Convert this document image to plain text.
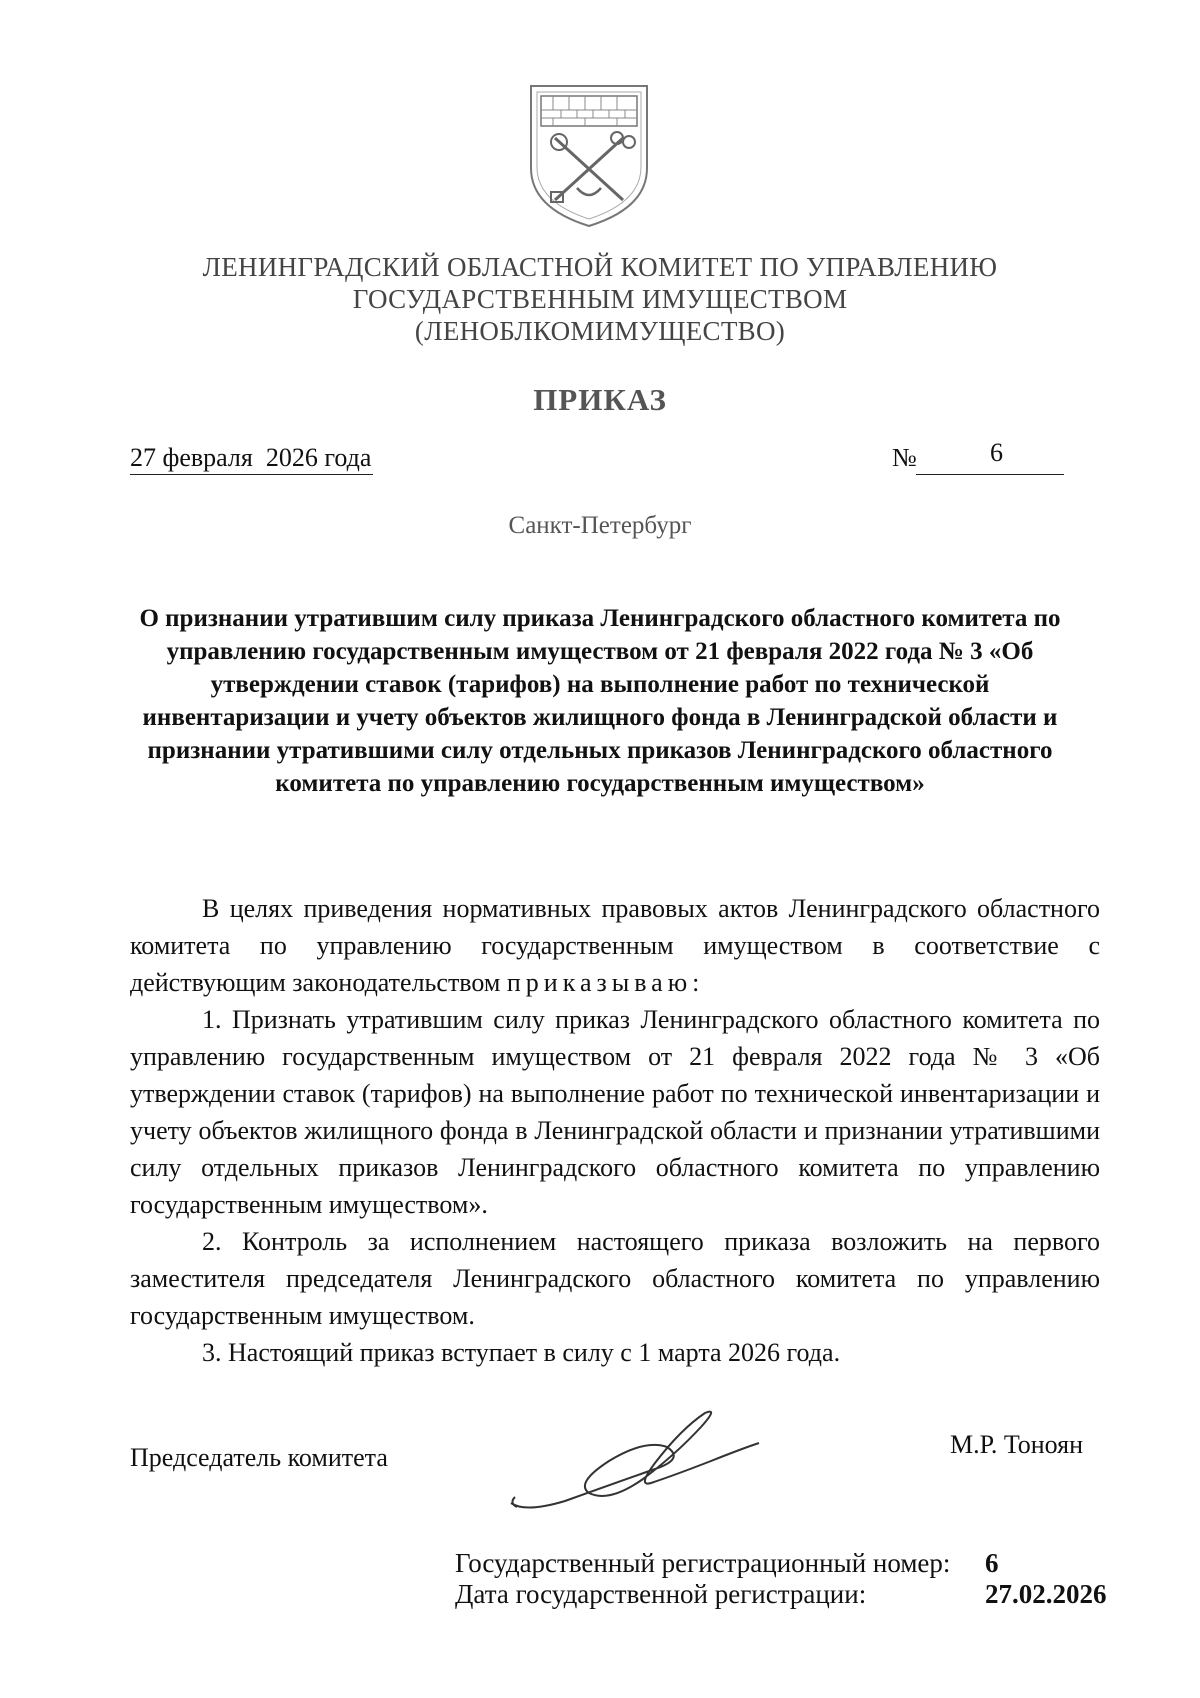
ЛЕНИНГРАДСКИЙ ОБЛАСТНОЙ КОМИТЕТ ПО УПРАВЛЕНИЮ
ГОСУДАРСТВЕННЫМ ИМУЩЕСТВОМ
(ЛЕНОБЛКОМИМУЩЕСТВО)
ПРИКАЗ
27 февраля  2026 года	№	6
Санкт-Петербург
О признании утратившим силу приказа Ленинградского областного комитета по управлению государственным имуществом от 21 февраля 2022 года № 3 «Об утверждении ставок (тарифов) на выполнение работ по технической инвентаризации и учету объектов жилищного фонда в Ленинградской области и признании утратившими силу отдельных приказов Ленинградского областного комитета по управлению государственным имуществом»

В целях приведения нормативных правовых актов Ленинградского областного комитета по управлению государственным имуществом в соответствие с действующим законодательством приказываю:

1. Признать утратившим силу приказ Ленинградского областного комитета по управлению государственным имуществом от 21 февраля 2022 года № 3 «Об утверждении ставок (тарифов) на выполнение работ по технической инвентаризации и учету объектов жилищного фонда в Ленинградской области и признании утратившими силу отдельных приказов Ленинградского областного комитета по управлению государственным имуществом».

2. Контроль за исполнением настоящего приказа возложить на первого заместителя председателя Ленинградского областного комитета по управлению государственным имуществом.

3. Настоящий приказ вступает в силу с 1 марта 2026 года.

Председатель комитета	М.Р. Тоноян
Государственный регистрационный номер: 6
Дата государственной регистрации:	27.02.2026
